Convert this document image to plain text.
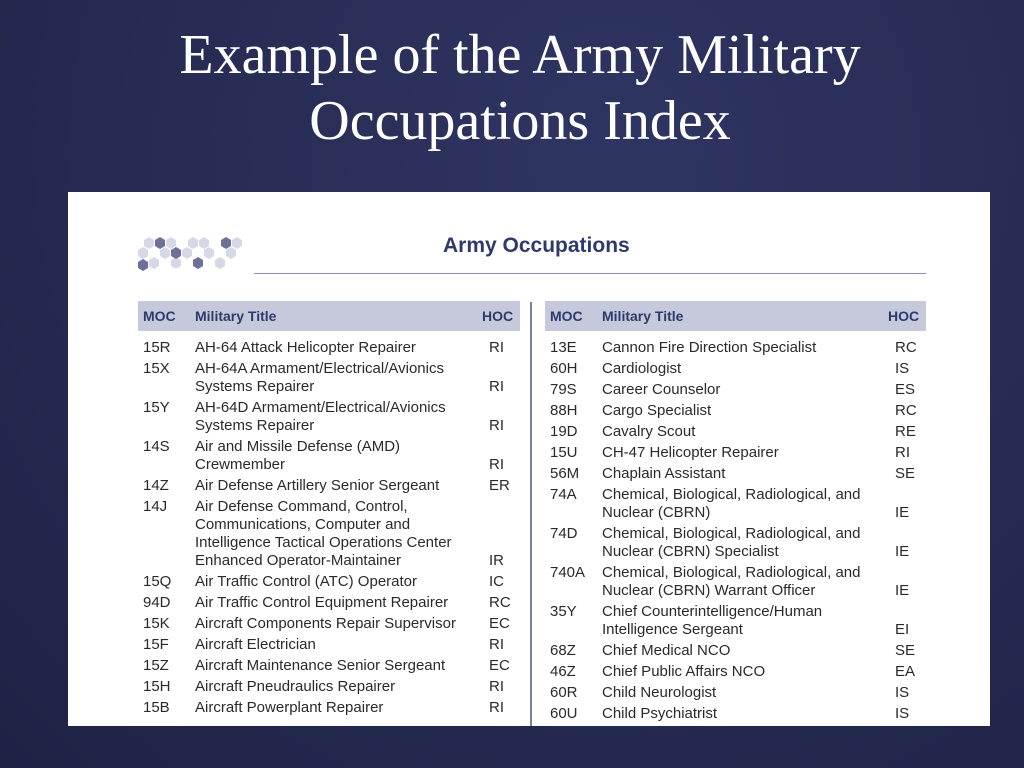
Example of the Army Military
Occupations Index
Army Occupations
MOC Military Title	HOC
15R	AH-64 Attack Helicopter Repairer	RI
15X	AH-64A Armament/Electrical/Avionics Systems Repairer	RI
15Y	AH-64D Armament/Electrical/Avionics Systems Repairer	RI
14S	Air and Missile Defense (AMD) Crewmember	RI
14Z	Air Defense Artillery Senior Sergeant	ER
14J	Air Defense Command, Control, Communications, Computer and Intelligence Tactical Operations Center Enhanced Operator-Maintainer	IR
15Q	Air Traffic Control (ATC) Operator	IC
94D	Air Traffic Control Equipment Repairer	RC
15K	Aircraft Components Repair Supervisor	EC
15F	Aircraft Electrician	RI
15Z	Aircraft Maintenance Senior Sergeant	EC
15H	Aircraft Pneudraulics Repairer	RI
15B	Aircraft Powerplant Repairer	RI
MOC Military Title	HOC
13E	Cannon Fire Direction Specialist	RC
60H	Cardiologist	IS
79S	Career Counselor	ES
88H	Cargo Specialist	RC
19D	Cavalry Scout	RE
15U	CH-47 Helicopter Repairer	RI
56M	Chaplain Assistant	SE
74A	Chemical, Biological, Radiological, and Nuclear (CBRN)	IE
74D	Chemical, Biological, Radiological, and Nuclear (CBRN) Specialist	IE
740A	Chemical, Biological, Radiological, and Nuclear (CBRN) Warrant Officer	IE
35Y	Chief Counterintelligence/Human Intelligence Sergeant	EI
68Z	Chief Medical NCO	SE
46Z	Chief Public Affairs NCO	EA
60R	Child Neurologist	IS
60U	Child Psychiatrist	IS
